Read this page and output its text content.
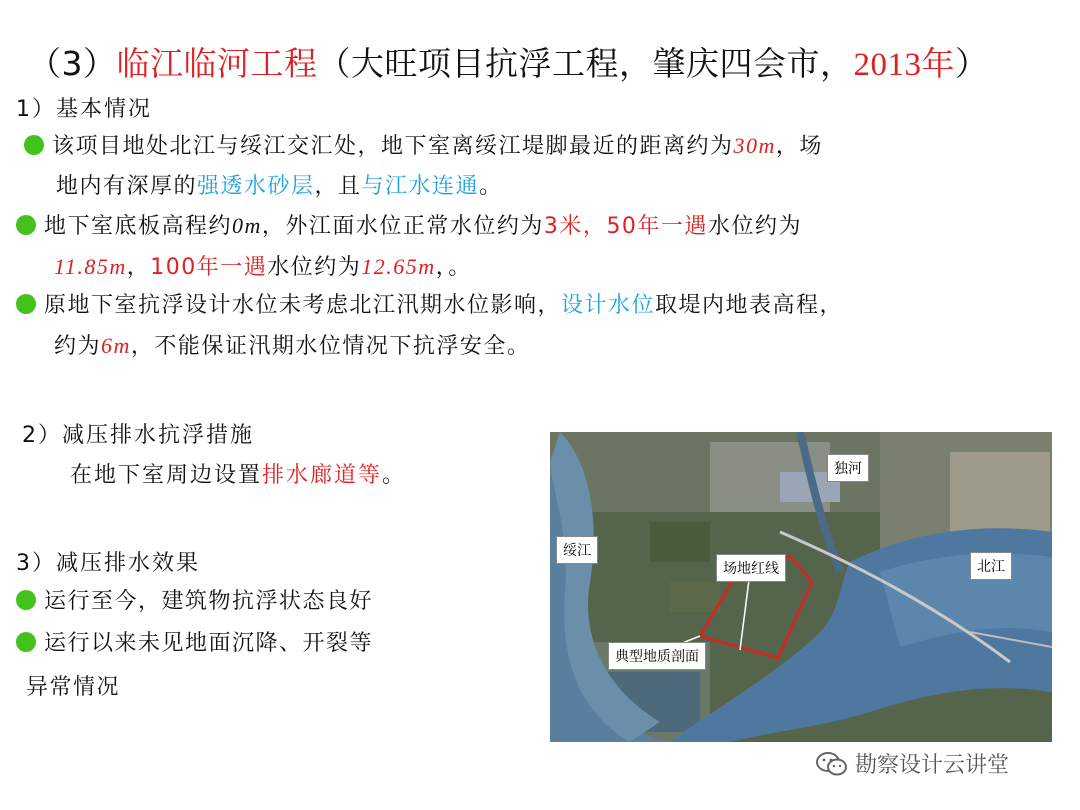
（3）临江临河工程（大旺项目抗浮工程，肇庆四会市，2013年）
1）基本情况
该项目地处北江与绥江交汇处，地下室离绥江堤脚最近的距离约为30m，场
地内有深厚的强透水砂层，且与江水连通。
地下室底板高程约0m，外江面水位正常水位约为3米，50年一遇水位约为
11.85m，100年一遇水位约为12.65m，。
原地下室抗浮设计水位未考虑北江汛期水位影响，设计水位取堤内地表高程，
约为6m，不能保证汛期水位情况下抗浮安全。
2）减压排水抗浮措施
在地下室周边设置排水廊道等。
3）减压排水效果
运行至今，建筑物抗浮状态良好
运行以来未见地面沉降、开裂等
异常情况
独河
绥江
北江
场地红线
典型地质剖面
勘察设计云讲堂
